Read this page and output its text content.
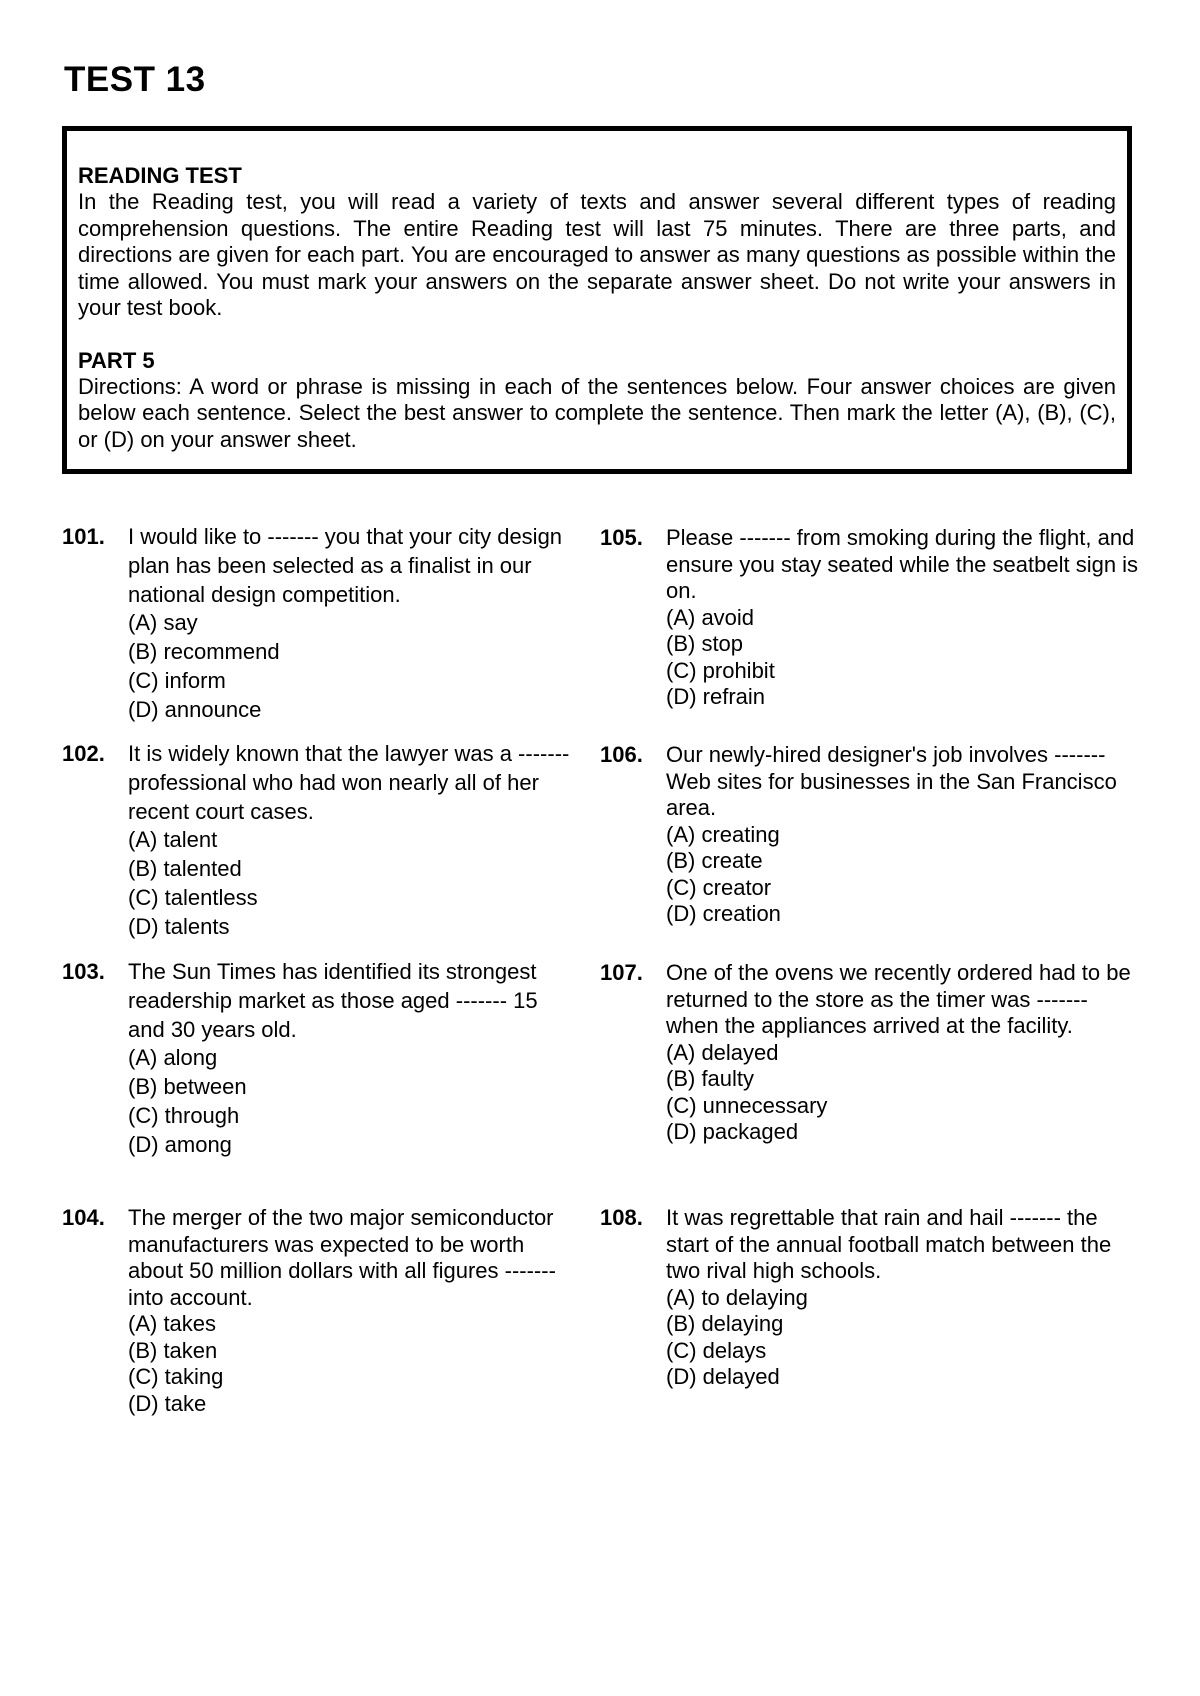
TEST 13

READING TEST

In the Reading test, you will read a variety of texts and answer several different types of reading comprehension questions. The entire Reading test will last 75 minutes. There are three parts, and directions are given for each part. You are encouraged to answer as many questions as possible within the time allowed. You must mark your answers on the separate answer sheet. Do not write your answers in your test book.

PART 5

Directions: A word or phrase is missing in each of the sentences below. Four answer choices are given below each sentence. Select the best answer to complete the sentence. Then mark the letter (A), (B), (C), or (D) on your answer sheet.

101. I would like to ------- you that your city design plan has been selected as a finalist in our national design competition.

(A) say
(B) recommend
(C) inform
(D) announce
102. It is widely known that the lawyer was a ------- professional who had won nearly all of her recent court cases.

(A) talent
(B) talented
(C) talentless
(D) talents
103. The Sun Times has identified its strongest readership market as those aged ------- 15 and 30 years old.

(A) along
(B) between
(C) through
(D) among
104. The merger of the two major semiconductor manufacturers was expected to be worth about 50 million dollars with all figures ------- into account.

(A) takes
(B) taken
(C) taking
(D) take
105. Please ------- from smoking during the flight, and ensure you stay seated while the seatbelt sign is on.

(A) avoid
(B) stop
(C) prohibit
(D) refrain
106. Our newly-hired designer's job involves ------- Web sites for businesses in the San Francisco area.

(A) creating
(B) create
(C) creator
(D) creation
107. One of the ovens we recently ordered had to be returned to the store as the timer was ------- when the appliances arrived at the facility.

(A) delayed
(B) faulty
(C) unnecessary
(D) packaged
108. It was regrettable that rain and hail ------- the start of the annual football match between the two rival high schools.

(A) to delaying
(B) delaying
(C) delays
(D) delayed
